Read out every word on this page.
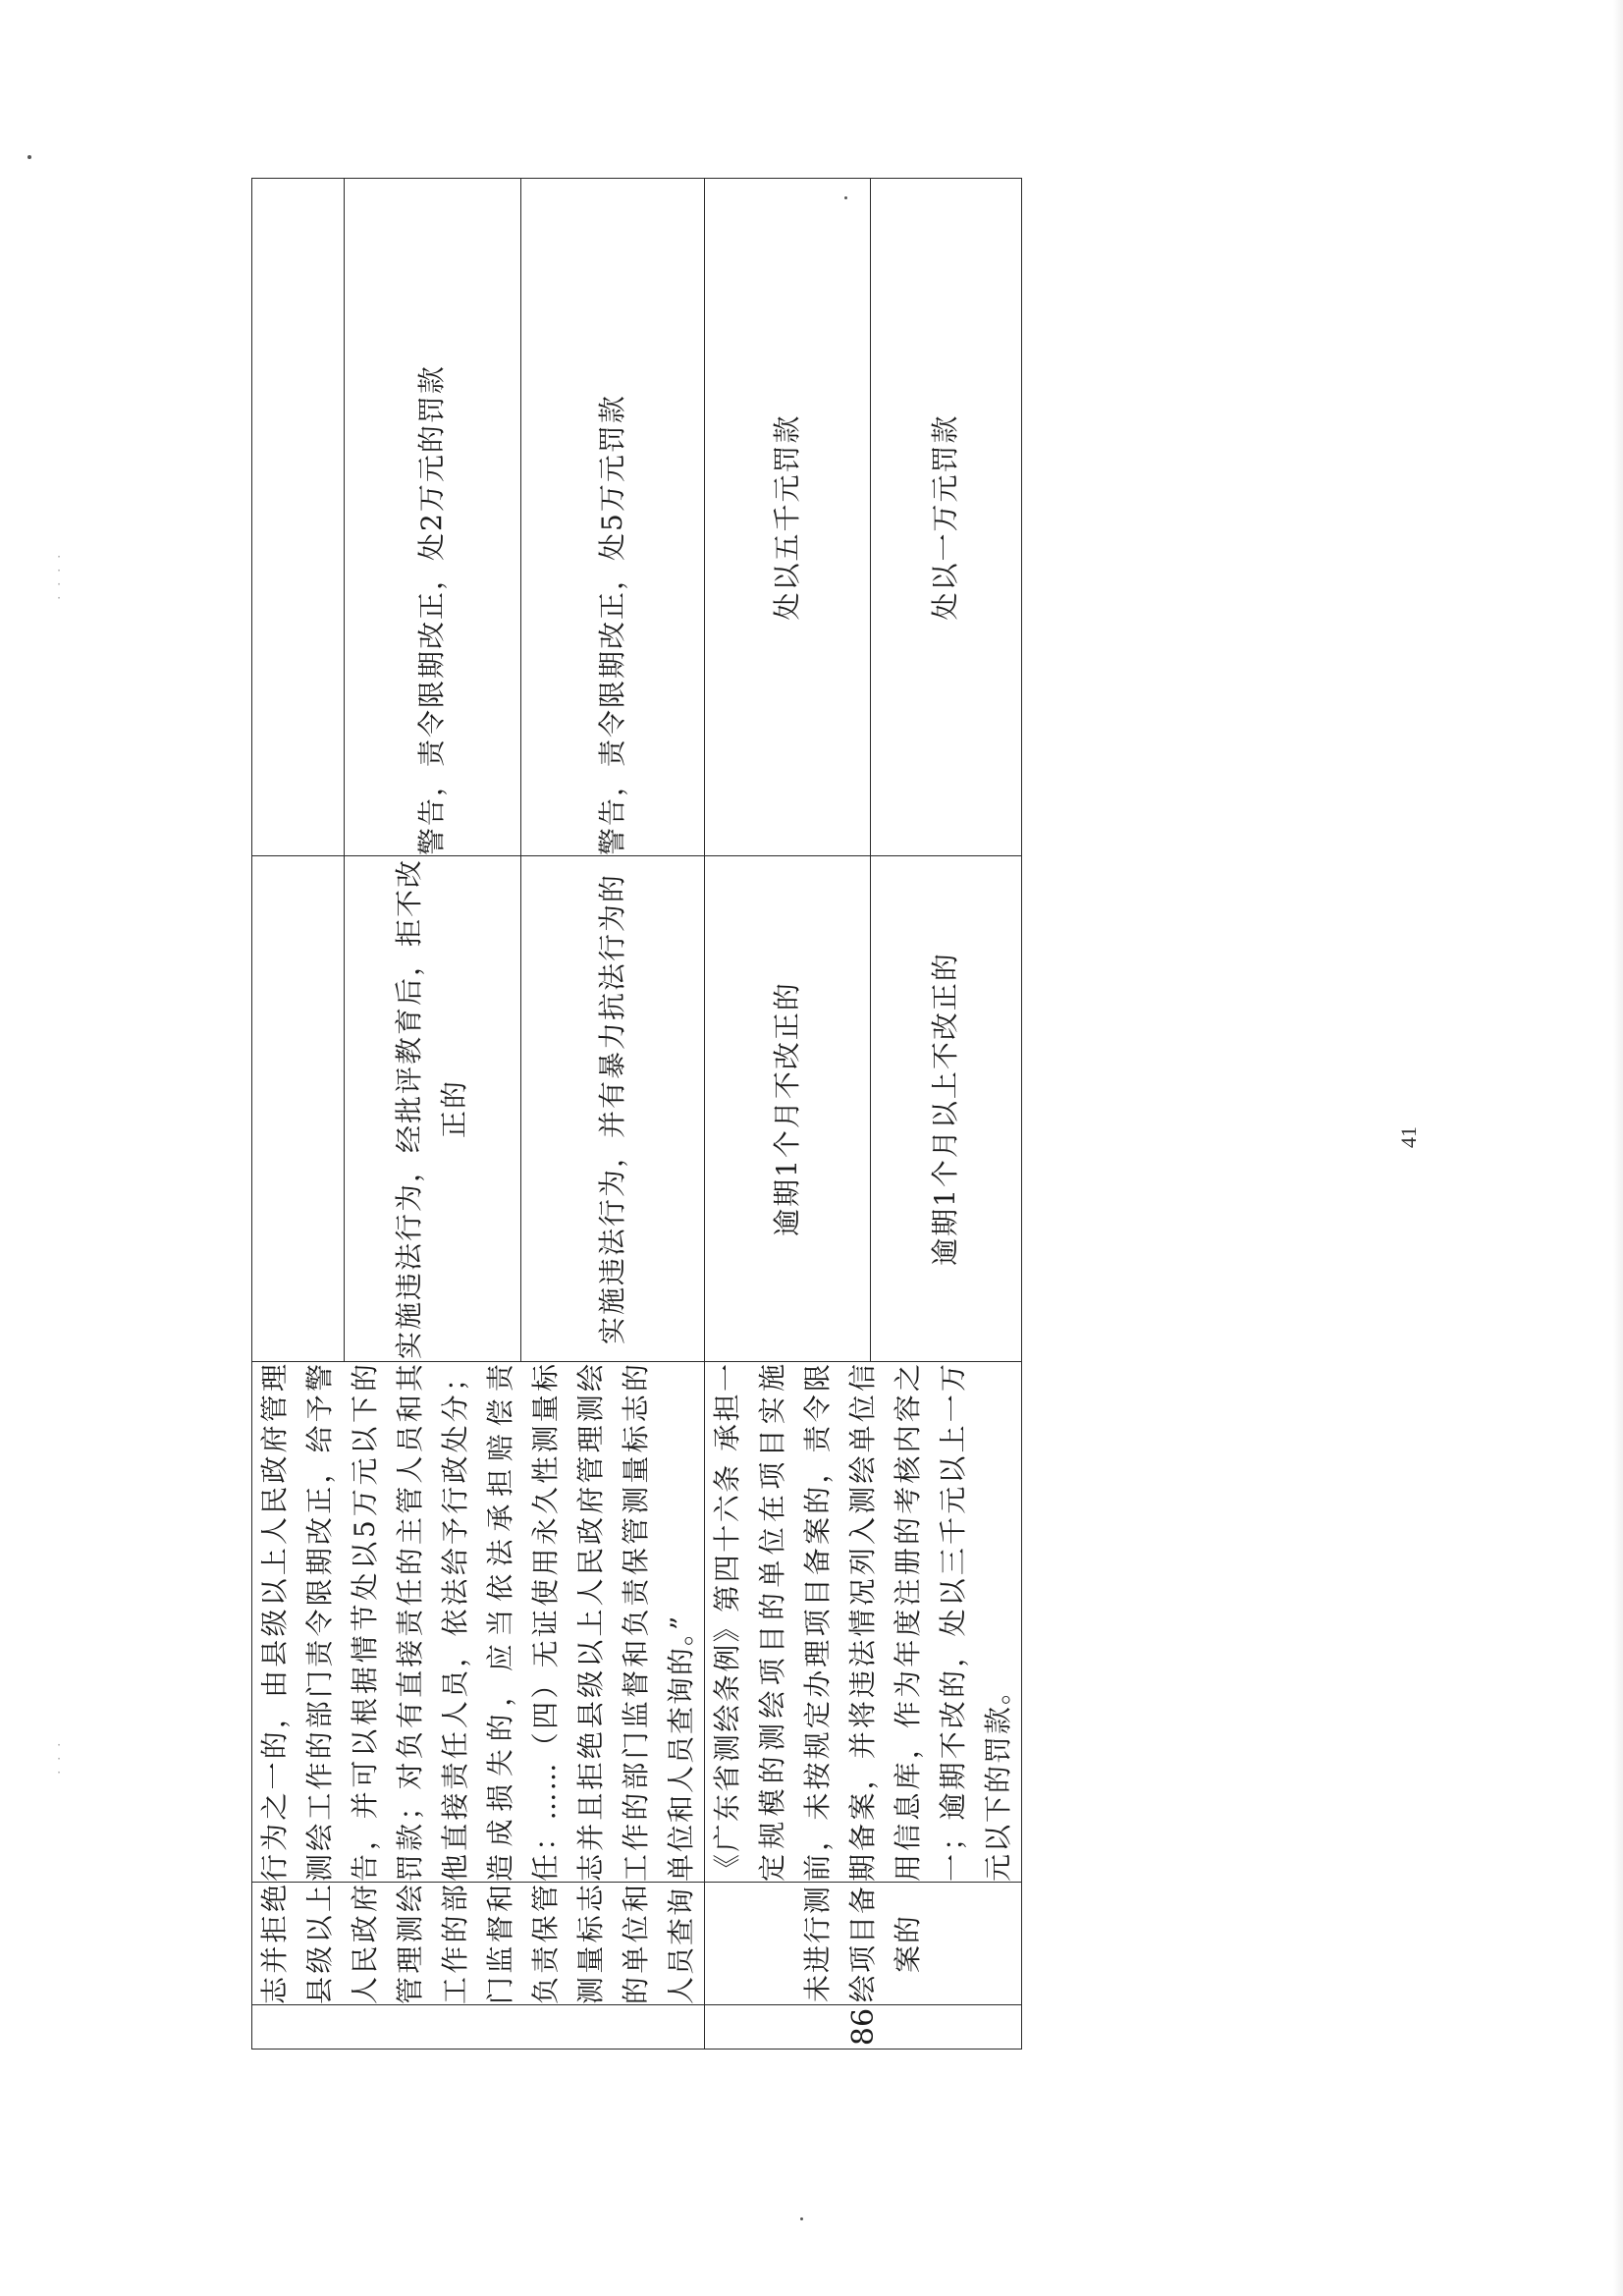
·
·
·
·
·
·
·
	志并拒绝县级以上人民政府管理测绘工作的部门监督和负责保管测量标志的单位和人员查询	行为之一的，由县级以上人民政府管理测绘工作的部门责令限期改正，给予警告，并可以根据情节处以5万元以下的罚款；对负有直接责任的主管人员和其他直接责任人员，依法给予行政处分；造成损失的，应当依法承担赔偿责任：……（四）无证使用永久性测量标志并且拒绝县级以上人民政府管理测绘工作的部门监督和负责保管测量标志的单位和人员查询的。”		
			实施违法行为，经批评教育后，拒不改正的	警告，责令限期改正，处2万元的罚款
			实施违法行为，并有暴力抗法行为的	警告，责令限期改正，处5万元罚款
86	未进行测绘项目备案的	《广东省测绘条例》第四十六条 承担一定规模的测绘项目的单位在项目实施前，未按规定办理项目备案的，责令限期备案，并将违法情况列入测绘单位信用信息库，作为年度注册的考核内容之一；逾期不改的，处以三千元以上一万元以下的罚款。	逾期1个月不改正的	处以五千元罚款
			逾期1个月以上不改正的	处以一万元罚款
41
